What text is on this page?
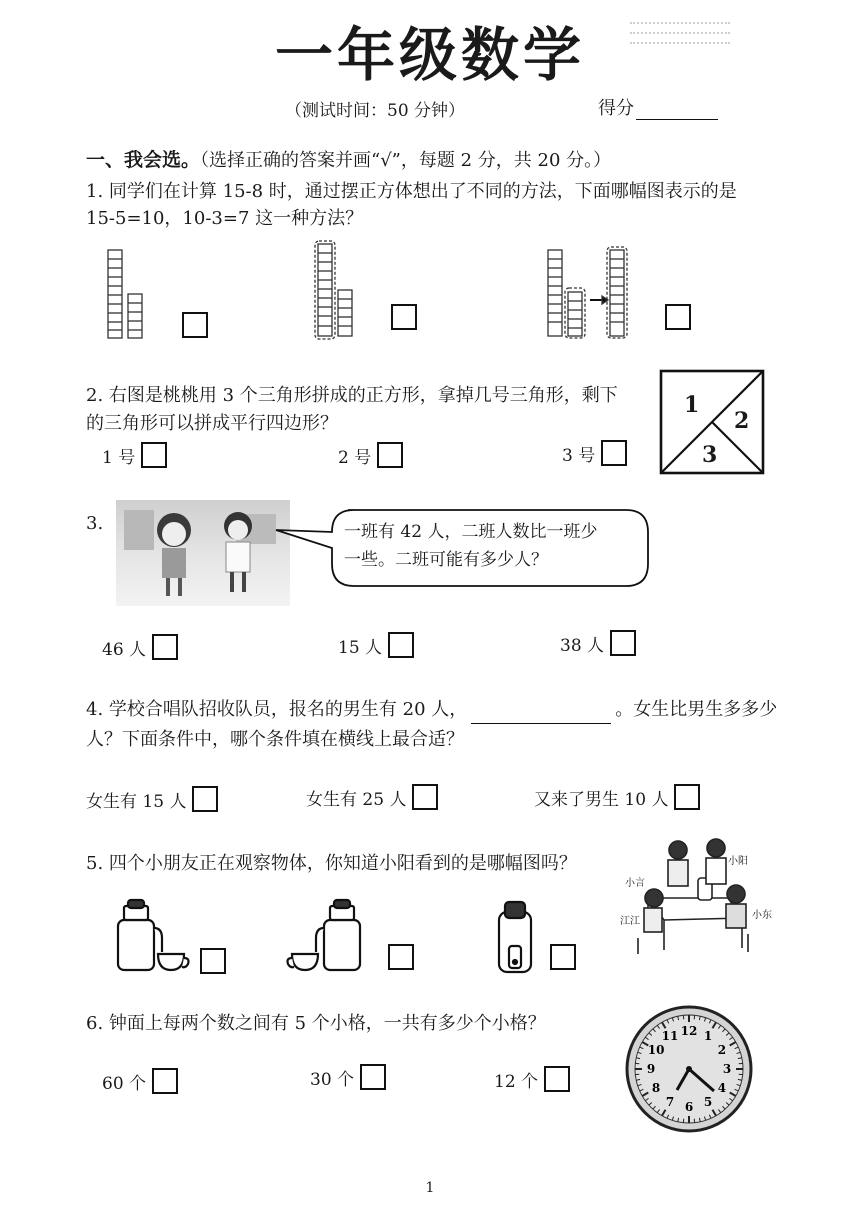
一年级数学
（测试时间：50 分钟）	得分
一、我会选。（选择正确的答案并画“√”，每题 2 分，共 20 分。）
1. 同学们在计算 15-8 时，通过摆正方体想出了不同的方法，下面哪幅图表示的是
15-5=10，10-3=7 这一种方法？
2. 右图是桃桃用 3 个三角形拼成的正方形，拿掉几号三角形，剩下
的三角形可以拼成平行四边形？
1 号	2 号	3 号
1
2
3
3.	一班有 42 人，二班人数比一班少
一些。二班可能有多少人？
46 人	15 人	38 人
4. 学校合唱队招收队员，报名的男生有 20 人，	。女生比男生多多少
人？下面条件中，哪个条件填在横线上最合适？
女生有 15 人	女生有 25 人	又来了男生 10 人
5. 四个小朋友正在观察物体，你知道小阳看到的是哪幅图吗？	小阳
小言
江江
小东
6. 钟面上每两个数之间有 5 个小格，一共有多少个小格？
60 个	30 个	12 个
12 1
2
3
4
5
6
7
8
9
10
11
1
